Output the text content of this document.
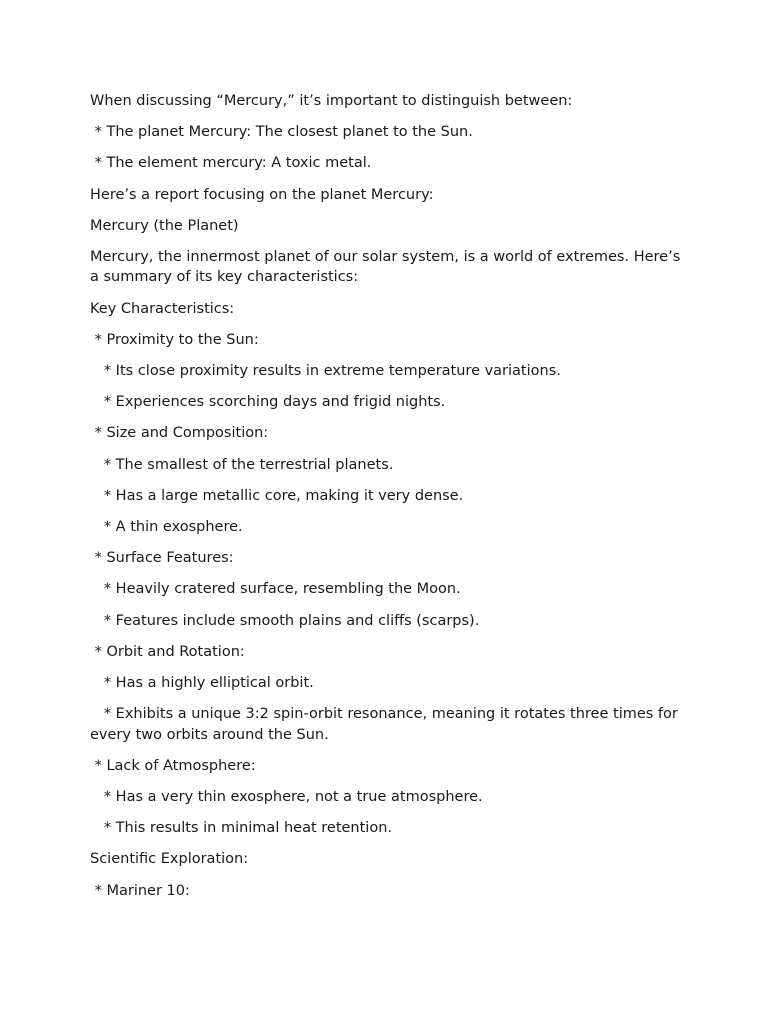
When discussing “Mercury,” it’s important to distinguish between:

* The planet Mercury: The closest planet to the Sun.

* The element mercury: A toxic metal.

Here’s a report focusing on the planet Mercury:

Mercury (the Planet)

Mercury, the innermost planet of our solar system, is a world of extremes. Here’s a summary of its key characteristics:

Key Characteristics:

* Proximity to the Sun:

* Its close proximity results in extreme temperature variations.

* Experiences scorching days and frigid nights.

* Size and Composition:

* The smallest of the terrestrial planets.

* Has a large metallic core, making it very dense.

* A thin exosphere.

* Surface Features:

* Heavily cratered surface, resembling the Moon.

* Features include smooth plains and cliffs (scarps).

* Orbit and Rotation:

* Has a highly elliptical orbit.

* Exhibits a unique 3:2 spin-orbit resonance, meaning it rotates three times for every two orbits around the Sun.

* Lack of Atmosphere:

* Has a very thin exosphere, not a true atmosphere.

* This results in minimal heat retention.

Scientific Exploration:

* Mariner 10:
